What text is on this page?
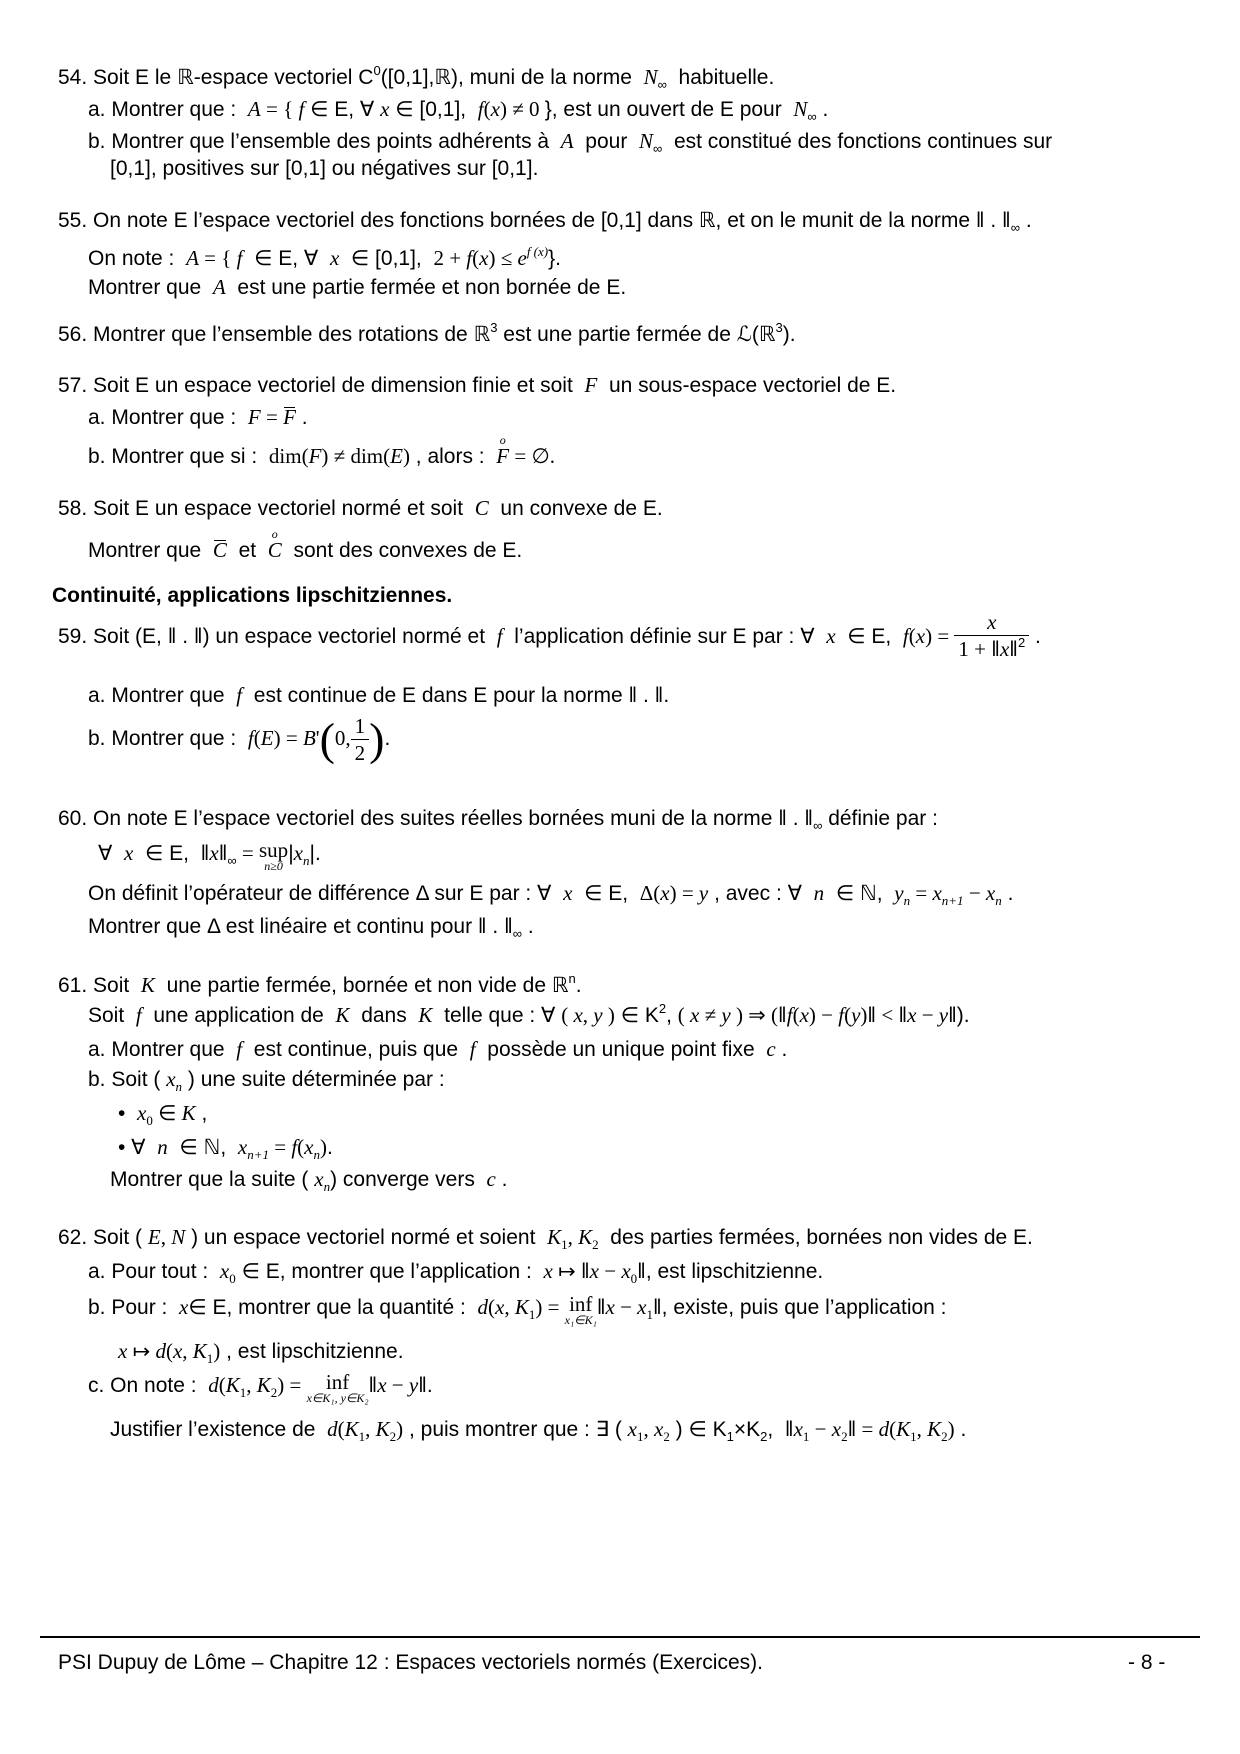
54. Soit E le ℝ-espace vectoriel $C^0([0,1],ℝ)$, muni de la norme  $N_\infty$  habituelle.
a. Montrer que :  A = { f ∈ E, ∀ x ∈ [0,1],  f(x) ≠ 0 }, est un ouvert de E pour  $N_\infty$ .
b. Montrer que l’ensemble des points adhérents à  A  pour  $N_\infty$  est constitué des fonctions continues sur
[0,1], positives sur [0,1] ou négatives sur [0,1].
55. On note E l’espace vectoriel des fonctions bornées de [0,1] dans ℝ, et on le munit de la norme ‖ . $‖_\infty$ .
On note :  A = { f  ∈ E, ∀  x  ∈ [0,1],  $2 + f(x) \le e^{f (x)}$}.
Montrer que  A  est une partie fermée et non bornée de E.
56. Montrer que l’ensemble des rotations de ℝ$^3$ est une partie fermée de ℒ(ℝ$^3$).
57. Soit E un espace vectoriel de dimension finie et soit  F  un sous-espace vectoriel de E.
a. Montrer que :  F =
F .
b. Montrer que si :  dim(F) ≠ dim(E) , alors :
o
F = ∅.
58. Soit E un espace vectoriel normé et soit  C  un convexe de E.
Montrer que
C  et
o
C  sont des convexes de E.
Continuité, applications lipschitziennes.
59. Soit (E, ‖ . ‖) un espace vectoriel normé et  f  l’application définie sur E par : ∀  x  ∈ E,  $f(x) = \frac{x}{1 + ‖x‖^2}$ .
a. Montrer que  f  est continue de E dans E pour la norme ‖ . ‖.
b. Montrer que :  f(E) = B'(0, $\frac{1}{2}$ ).
60. On note E l’espace vectoriel des suites réelles bornées muni de la norme ‖ . $‖_\infty$ définie par :
∀  x  ∈ E,  $‖x‖_\infty$ = sup
n≥0
$|x_n|$.
On définit l’opérateur de différence Δ sur E par : ∀  x  ∈ E,  Δ(x) = y , avec : ∀  n  ∈ ℕ,  $y_n = x_{n+1} - x_n$ .
Montrer que Δ est linéaire et continu pour ‖ . $‖_\infty$ .
61. Soit  K  une partie fermée, bornée et non vide de ℝ$^n$.
Soit  f  une application de  K  dans  K  telle que : ∀ ( x, y ) ∈ $K^2$, ( x ≠ y ) ⇒ (‖f(x) − f(y)‖ < ‖x − y‖).
a. Montrer que  f  est continue, puis que  f  possède un unique point fixe  c .
b. Soit ( $x_n$ ) une suite déterminée par :
•  $x_0$ ∈ K ,
• ∀  n  ∈ ℕ,  $x_{n+1} = f(x_n)$.
Montrer que la suite ( $x_n$) converge vers  c .
62. Soit ( E, N ) un espace vectoriel normé et soient  $K_1$, $K_2$  des parties fermées, bornées non vides de E.
a. Pour tout :  $x_0$ ∈ E, montrer que l’application :  x ↦ ‖x − $x_0‖$, est lipschitzienne.
b. Pour :  x∈ E, montrer que la quantité :  d(x, $K_1$) = inf
x₁∈K₁
‖x − $x_1‖$, existe, puis que l’application :
x ↦ d(x, $K_1$) , est lipschitzienne.
c. On note :  $d(K_1$, $K_2$) = inf
x∈K₁, y∈K₂
‖x − y‖.
Justifier l’existence de  $d(K_1$, $K_2$) , puis montrer que : ∃ ( $x_1$, $x_2$ ) ∈ $K_1\times K_2$,  $‖x_1$ − $x_2‖ = d(K_1$, $K_2$) .
PSI Dupuy de Lôme – Chapitre 12 : Espaces vectoriels normés (Exercices).	- 8 -
